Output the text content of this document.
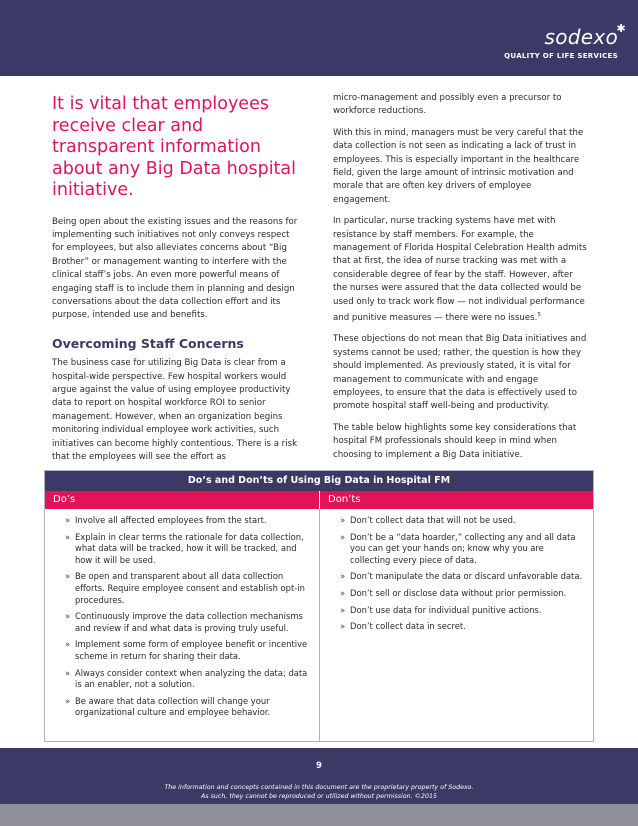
sodexo
✱
QUALITY OF LIFE SERVICES
It is vital that employees receive clear and transparent information about any Big Data hospital initiative.

Being open about the existing issues and the reasons for implementing such initiatives not only conveys respect for employees, but also alleviates concerns about “Big Brother” or management wanting to interfere with the clinical staff’s jobs. An even more powerful means of engaging staff is to include them in planning and design conversations about the data collection effort and its purpose, intended use and benefits.

Overcoming Staff Concerns

The business case for utilizing Big Data is clear from a hospital-wide perspective. Few hospital workers would argue against the value of using employee productivity data to report on hospital workforce ROI to senior management. However, when an organization begins monitoring individual employee work activities, such initiatives can become highly contentious. There is a risk that the employees will see the effort as

micro-management and possibly even a precursor to workforce reductions.

With this in mind, managers must be very careful that the data collection is not seen as indicating a lack of trust in employees. This is especially important in the healthcare field, given the large amount of intrinsic motivation and morale that are often key drivers of employee engagement.

In particular, nurse tracking systems have met with resistance by staff members. For example, the management of Florida Hospital Celebration Health admits that at first, the idea of nurse tracking was met with a considerable degree of fear by the staff. However, after the nurses were assured that the data collected would be used only to track work flow — not individual performance and punitive measures — there were no issues.$^5$

These objections do not mean that Big Data initiatives and systems cannot be used; rather, the question is how they should implemented. As previously stated, it is vital for management to communicate with and engage employees, to ensure that the data is effectively used to promote hospital staff well-being and productivity.

The table below highlights some key considerations that hospital FM professionals should keep in mind when choosing to implement a Big Data initiative.

Do’s and Don’ts of Using Big Data in Hospital FM
Do’s	Don’ts
» Involve all affected employees from the start.
» Explain in clear terms the rationale for data collection, what data will be tracked, how it will be tracked, and how it will be used.
» Be open and transparent about all data collection efforts. Require employee consent and establish opt-in procedures.
» Continuously improve the data collection mechanisms and review if and what data is proving truly useful.
» Implement some form of employee benefit or incentive scheme in return for sharing their data.
» Always consider context when analyzing the data; data is an enabler, not a solution.
» Be aware that data collection will change your organizational culture and employee behavior.
» Don’t collect data that will not be used.
» Don’t be a “data hoarder,” collecting any and all data you can get your hands on; know why you are collecting every piece of data.
» Don’t manipulate the data or discard unfavorable data.
» Don’t sell or disclose data without prior permission.
» Don’t use data for individual punitive actions.
» Don’t collect data in secret.
9
The information and concepts contained in this document are the proprietary property of Sodexo.
As such, they cannot be reproduced or utilized without permission. ©2015
